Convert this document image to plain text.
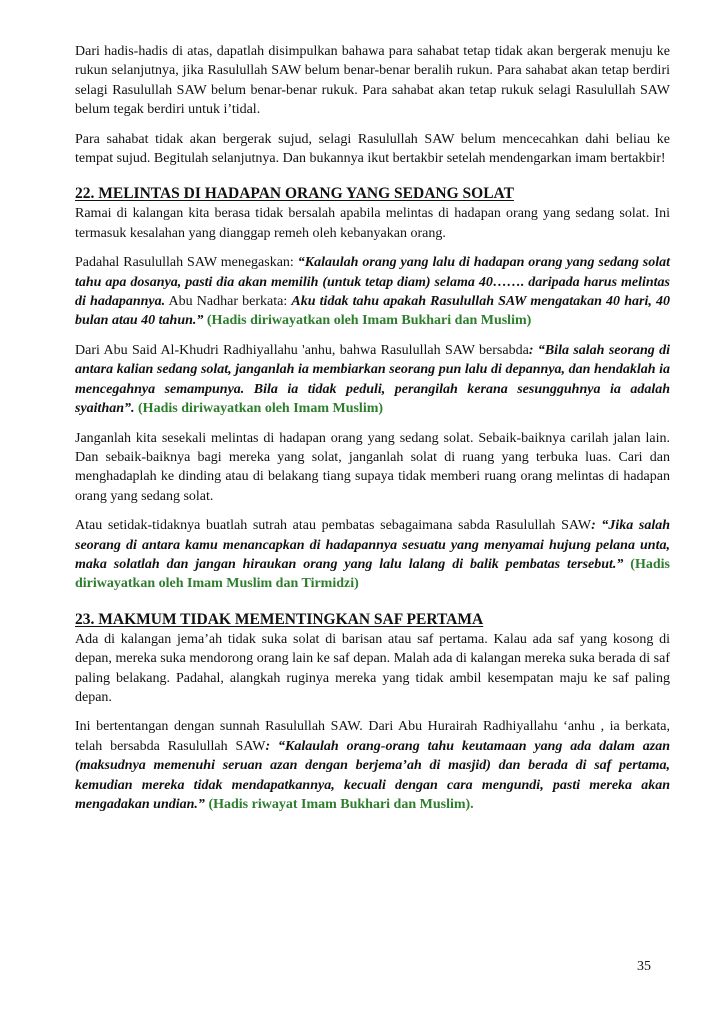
Dari hadis-hadis di atas, dapatlah disimpulkan bahawa para sahabat tetap tidak akan bergerak menuju ke rukun selanjutnya, jika Rasulullah SAW belum benar-benar beralih rukun. Para sahabat akan tetap berdiri selagi Rasulullah SAW belum benar-benar rukuk. Para sahabat akan tetap rukuk selagi Rasulullah SAW belum tegak berdiri untuk i’tidal.

Para sahabat tidak akan bergerak sujud, selagi Rasulullah SAW belum mencecahkan dahi beliau ke tempat sujud. Begitulah selanjutnya. Dan bukannya ikut bertakbir setelah mendengarkan imam bertakbir!

22. MELINTAS DI HADAPAN ORANG YANG SEDANG SOLAT

Ramai di kalangan kita berasa tidak bersalah apabila melintas di hadapan orang yang sedang solat. Ini termasuk kesalahan yang dianggap remeh oleh kebanyakan orang.

Padahal Rasulullah SAW menegaskan: “Kalaulah orang yang lalu di hadapan orang yang sedang solat tahu apa dosanya, pasti dia akan memilih (untuk tetap diam) selama 40……. daripada harus melintas di hadapannya. Abu Nadhar berkata: Aku tidak tahu apakah Rasulullah SAW mengatakan 40 hari, 40 bulan atau 40 tahun.” (Hadis diriwayatkan oleh Imam Bukhari dan Muslim)

Dari Abu Said Al-Khudri Radhiyallahu 'anhu, bahwa Rasulullah SAW bersabda: “Bila salah seorang di antara kalian sedang solat, janganlah ia membiarkan seorang pun lalu di depannya, dan hendaklah ia mencegahnya semampunya. Bila ia tidak peduli, perangilah kerana sesungguhnya ia adalah syaithan”. (Hadis diriwayatkan oleh Imam Muslim)

Janganlah kita sesekali melintas di hadapan orang yang sedang solat. Sebaik-baiknya carilah jalan lain. Dan sebaik-baiknya bagi mereka yang solat, janganlah solat di ruang yang terbuka luas. Cari dan menghadaplah ke dinding atau di belakang tiang supaya tidak memberi ruang orang melintas di hadapan orang yang sedang solat.

Atau setidak-tidaknya buatlah sutrah atau pembatas sebagaimana sabda Rasulullah SAW: “Jika salah seorang di antara kamu menancapkan di hadapannya sesuatu yang menyamai hujung pelana unta, maka solatlah dan jangan hiraukan orang yang lalu lalang di balik pembatas tersebut.” (Hadis diriwayatkan oleh Imam Muslim dan Tirmidzi)

23. MAKMUM TIDAK MEMENTINGKAN SAF PERTAMA

Ada di kalangan jema’ah tidak suka solat di barisan atau saf pertama. Kalau ada saf yang kosong di depan, mereka suka mendorong orang lain ke saf depan. Malah ada di kalangan mereka suka berada di saf paling belakang. Padahal, alangkah ruginya mereka yang tidak ambil kesempatan maju ke saf paling depan.

Ini bertentangan dengan sunnah Rasulullah SAW. Dari Abu Hurairah Radhiyallahu ‘anhu , ia berkata, telah bersabda Rasulullah SAW: “Kalaulah orang-orang tahu keutamaan yang ada dalam azan (maksudnya memenuhi seruan azan dengan berjema’ah di masjid) dan berada di saf pertama, kemudian mereka tidak mendapatkannya, kecuali dengan cara mengundi, pasti mereka akan mengadakan undian.” (Hadis riwayat Imam Bukhari dan Muslim).

35
